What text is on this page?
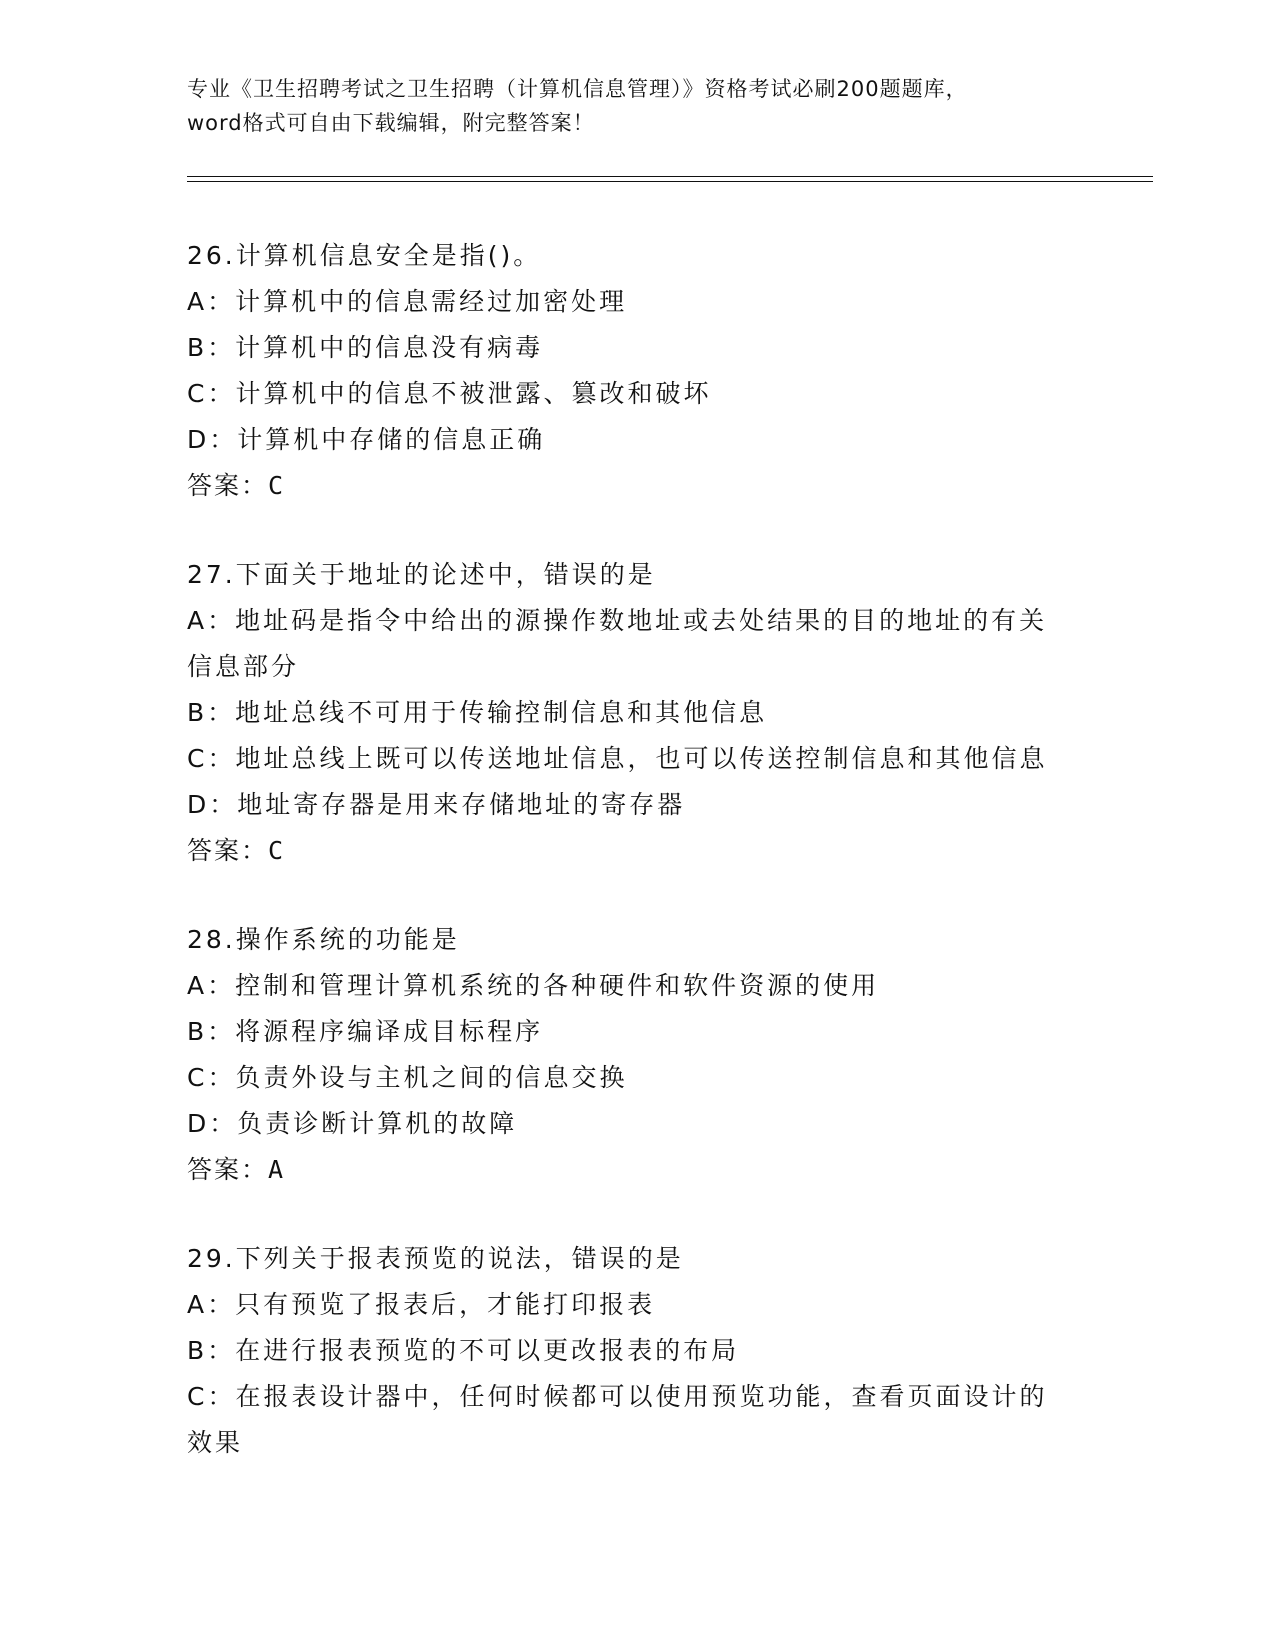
专业《卫生招聘考试之卫生招聘（计算机信息管理）》资格考试必刷200题题库，
word格式可自由下载编辑，附完整答案！
26.计算机信息安全是指()。
A：计算机中的信息需经过加密处理
B：计算机中的信息没有病毒
C：计算机中的信息不被泄露、篡改和破坏
D：计算机中存储的信息正确
答案：C
27.下面关于地址的论述中，错误的是
A：地址码是指令中给出的源操作数地址或去处结果的目的地址的有关
信息部分
B：地址总线不可用于传输控制信息和其他信息
C：地址总线上既可以传送地址信息，也可以传送控制信息和其他信息
D：地址寄存器是用来存储地址的寄存器
答案：C
28.操作系统的功能是
A：控制和管理计算机系统的各种硬件和软件资源的使用
B：将源程序编译成目标程序
C：负责外设与主机之间的信息交换
D：负责诊断计算机的故障
答案：A
29.下列关于报表预览的说法，错误的是
A：只有预览了报表后，才能打印报表
B：在进行报表预览的不可以更改报表的布局
C：在报表设计器中，任何时候都可以使用预览功能，查看页面设计的
效果
